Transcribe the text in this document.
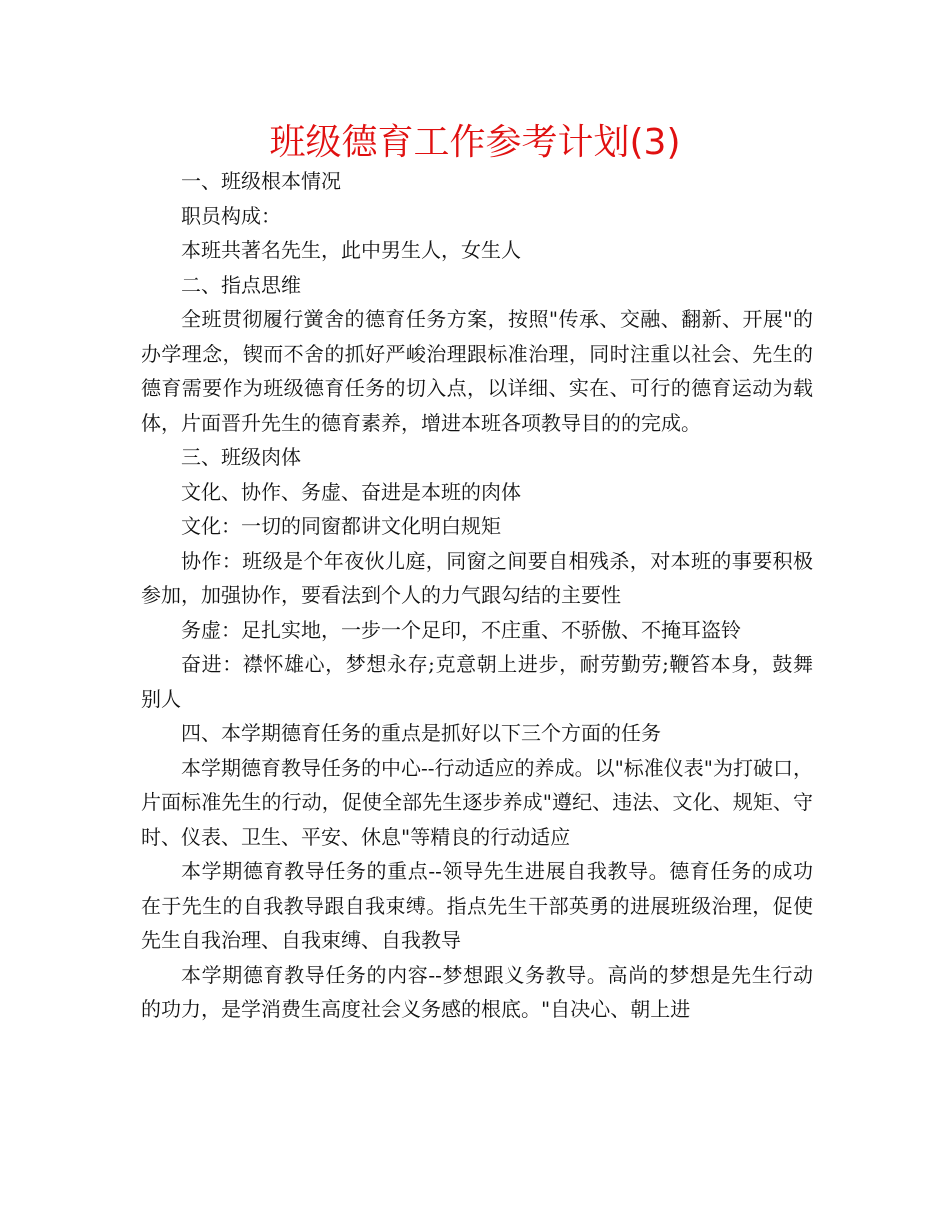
班级德育工作参考计划(3)

一、班级根本情况

职员构成：

本班共著名先生，此中男生人，女生人

二、指点思维

全班贯彻履行黉舍的德育任务方案，按照"传承、交融、翻新、开展"的办学理念，锲而不舍的抓好严峻治理跟标准治理，同时注重以社会、先生的德育需要作为班级德育任务的切入点，以详细、实在、可行的德育运动为载体，片面晋升先生的德育素养，增进本班各项教导目的的完成。

三、班级肉体

文化、协作、务虚、奋进是本班的肉体

文化：一切的同窗都讲文化明白规矩

协作：班级是个年夜伙儿庭，同窗之间要自相残杀，对本班的事要积极参加，加强协作，要看法到个人的力气跟勾结的主要性

务虚：足扎实地，一步一个足印，不庄重、不骄傲、不掩耳盗铃

奋进：襟怀雄心，梦想永存;克意朝上进步，耐劳勤劳;鞭笞本身，鼓舞别人

四、本学期德育任务的重点是抓好以下三个方面的任务

本学期德育教导任务的中心--行动适应的养成。以"标准仪表"为打破口，片面标准先生的行动，促使全部先生逐步养成"遵纪、违法、文化、规矩、守时、仪表、卫生、平安、休息"等精良的行动适应

本学期德育教导任务的重点--领导先生进展自我教导。德育任务的成功在于先生的自我教导跟自我束缚。指点先生干部英勇的进展班级治理，促使先生自我治理、自我束缚、自我教导

本学期德育教导任务的内容--梦想跟义务教导。高尚的梦想是先生行动的功力，是学消费生高度社会义务感的根底。"自决心、朝上进
